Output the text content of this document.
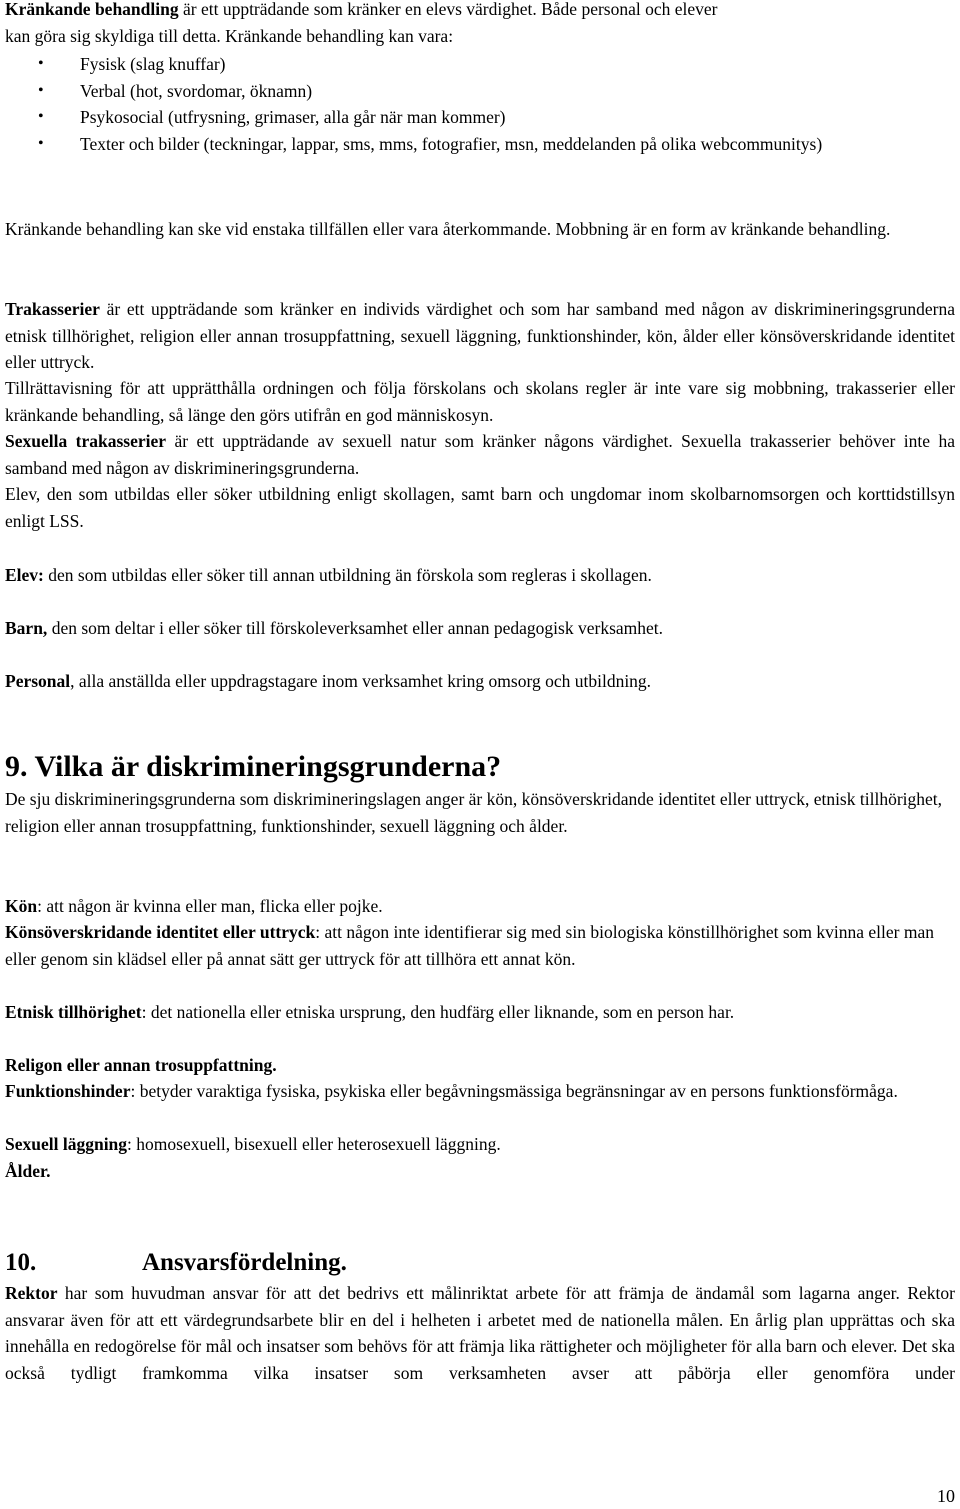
Kränkande behandling är ett uppträdande som kränker en elevs värdighet. Både personal och elever
kan göra sig skyldiga till detta. Kränkande behandling kan vara:

• Fysisk (slag knuffar)
• Verbal (hot, svordomar, öknamn)
• Psykosocial (utfrysning, grimaser, alla går när man kommer)
• Texter och bilder (teckningar, lappar, sms, mms, fotografier, msn, meddelanden på olika webcommunitys)

Kränkande behandling kan ske vid enstaka tillfällen eller vara återkommande. Mobbning är en form av kränkande behandling.

Trakasserier är ett uppträdande som kränker en individs värdighet och som har samband med någon av diskrimineringsgrunderna etnisk tillhörighet, religion eller annan trosuppfattning, sexuell läggning, funktionshinder, kön, ålder eller könsöverskridande identitet eller uttryck.

Tillrättavisning för att upprätthålla ordningen och följa förskolans och skolans regler är inte vare sig mobbning, trakasserier eller kränkande behandling, så länge den görs utifrån en god människosyn.

Sexuella trakasserier är ett uppträdande av sexuell natur som kränker någons värdighet. Sexuella trakasserier behöver inte ha samband med någon av diskrimineringsgrunderna.

Elev, den som utbildas eller söker utbildning enligt skollagen, samt barn och ungdomar inom skolbarnomsorgen och korttidstillsyn enligt LSS.

Elev: den som utbildas eller söker till annan utbildning än förskola som regleras i skollagen.

Barn, den som deltar i eller söker till förskoleverksamhet eller annan pedagogisk verksamhet.

Personal, alla anställda eller uppdragstagare inom verksamhet kring omsorg och utbildning.

9. Vilka är diskrimineringsgrunderna?

De sju diskrimineringsgrunderna som diskrimineringslagen anger är kön, könsöverskridande identitet eller uttryck, etnisk tillhörighet, religion eller annan trosuppfattning, funktionshinder, sexuell läggning och ålder.

Kön: att någon är kvinna eller man, flicka eller pojke.

Könsöverskridande identitet eller uttryck: att någon inte identifierar sig med sin biologiska könstillhörighet som kvinna eller man eller genom sin klädsel eller på annat sätt ger uttryck för att tillhöra ett annat kön.

Etnisk tillhörighet: det nationella eller etniska ursprung, den hudfärg eller liknande, som en person har.

Religon eller annan trosuppfattning.

Funktionshinder: betyder varaktiga fysiska, psykiska eller begåvningsmässiga begränsningar av en persons funktionsförmåga.

Sexuell läggning: homosexuell, bisexuell eller heterosexuell läggning.

Ålder.

10.	Ansvarsfördelning.

Rektor har som huvudman ansvar för att det bedrivs ett målinriktat arbete för att främja de ändamål som lagarna anger. Rektor ansvarar även för att ett värdegrundsarbete blir en del i helheten i arbetet med de nationella målen. En årlig plan upprättas och ska innehålla en redogörelse för mål och insatser som behövs för att främja lika rättigheter och möjligheter för alla barn och elever. Det ska också tydligt framkomma vilka insatser som verksamheten avser att påbörja eller genomföra under

10
